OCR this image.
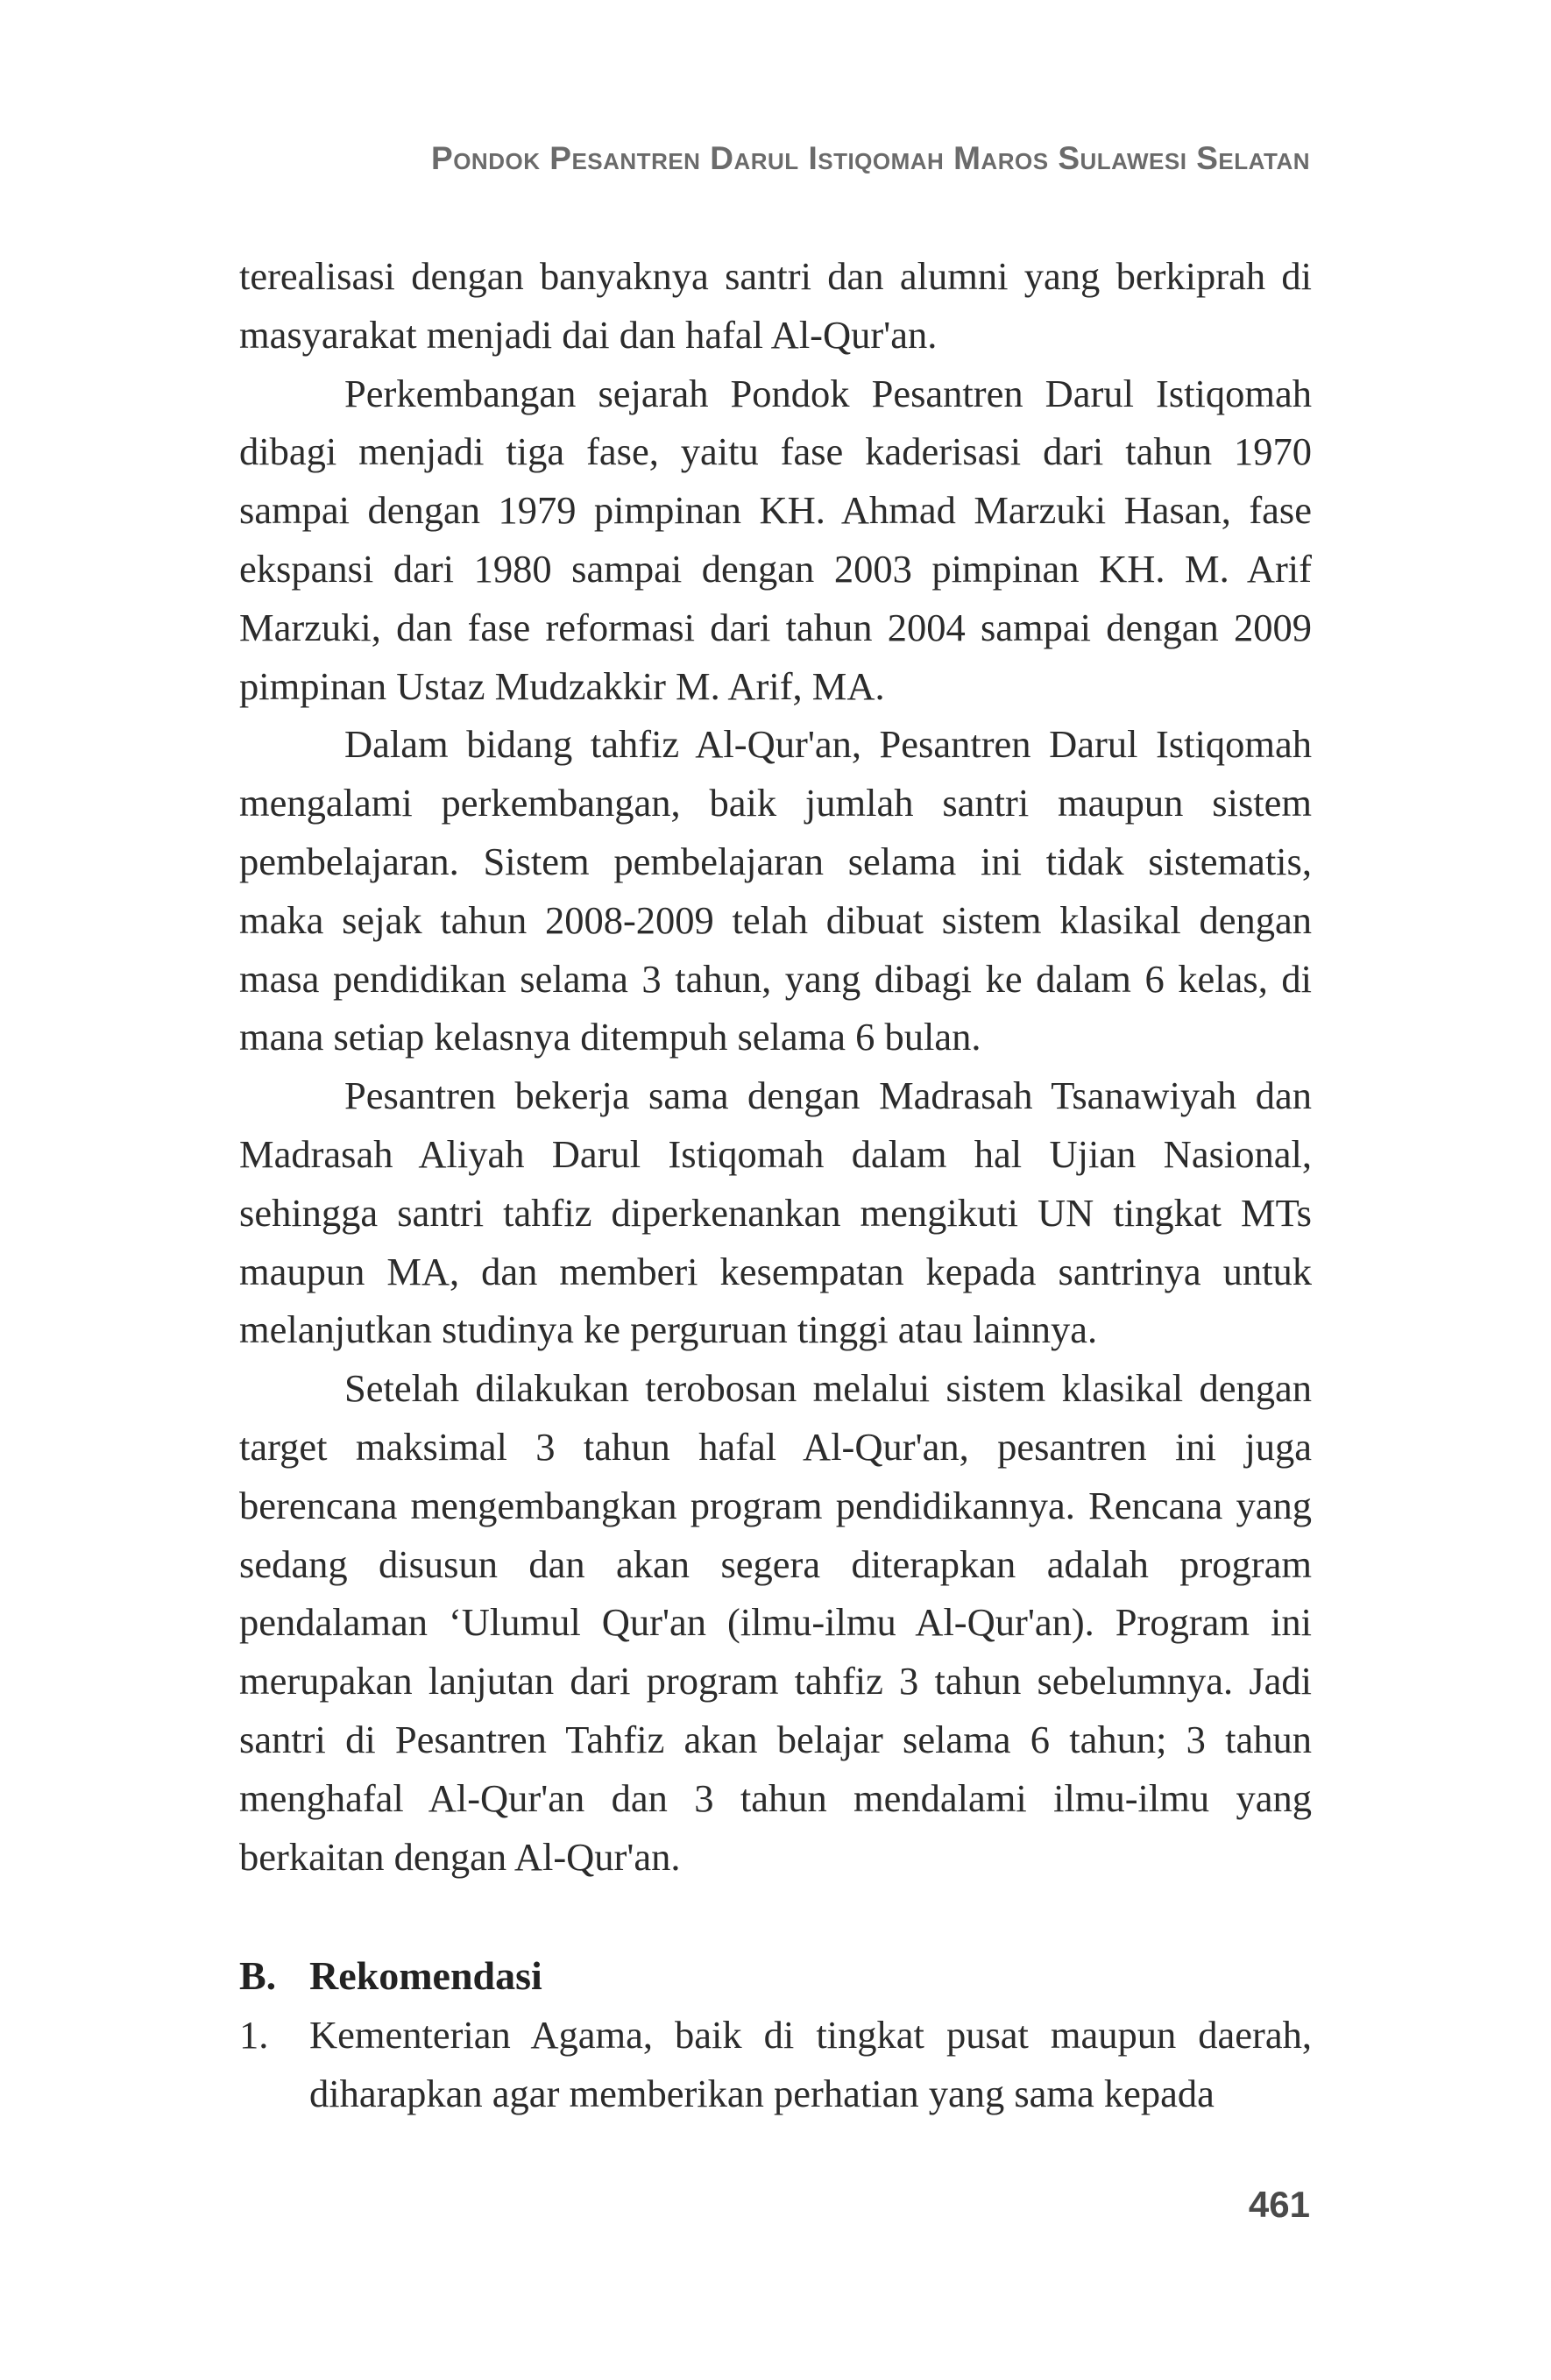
Pondok Pesantren Darul Istiqomah Maros Sulawesi Selatan

terealisasi dengan banyaknya santri dan alumni yang berkiprah di masyarakat menjadi dai dan hafal Al-Qur'an.

Perkembangan sejarah Pondok Pesantren Darul Istiqomah dibagi menjadi tiga fase, yaitu fase kaderisasi dari tahun 1970 sampai dengan 1979 pimpinan KH. Ahmad Marzuki Hasan, fase ekspansi dari 1980 sampai dengan 2003 pimpinan KH. M. Arif Marzuki, dan fase reformasi dari tahun 2004 sampai dengan 2009 pimpinan Ustaz Mudzakkir M. Arif, MA.

Dalam bidang tahfiz Al-Qur'an, Pesantren Darul Istiqomah mengalami perkembangan, baik jumlah santri maupun sistem pembelajaran. Sistem pembelajaran selama ini tidak sistematis, maka sejak tahun 2008-2009 telah dibuat sistem klasikal dengan masa pendidikan selama 3 tahun, yang dibagi ke dalam 6 kelas, di mana setiap kelasnya ditempuh selama 6 bulan.

Pesantren bekerja sama dengan Madrasah Tsanawiyah dan Madrasah Aliyah Darul Istiqomah dalam hal Ujian Nasional, sehingga santri tahfiz diperkenankan mengikuti UN tingkat MTs maupun MA, dan memberi kesempatan kepada santrinya untuk melanjutkan studinya ke perguruan tinggi atau lainnya.

Setelah dilakukan terobosan melalui sistem klasikal dengan target maksimal 3 tahun hafal Al-Qur'an, pesantren ini juga berencana mengembangkan program pendidikannya. Rencana yang sedang disusun dan akan segera diterapkan adalah program pendalaman ‘Ulumul Qur'an (ilmu-ilmu Al-Qur'an). Program ini merupakan lanjutan dari program tahfiz 3 tahun sebelumnya. Jadi santri di Pesantren Tahfiz akan belajar selama 6 tahun; 3 tahun menghafal Al-Qur'an dan 3 tahun mendalami ilmu-ilmu yang berkaitan dengan Al-Qur'an.

B. Rekomendasi
1.	Kementerian Agama, baik di tingkat pusat maupun daerah, diharapkan agar memberikan perhatian yang sama kepada
461
